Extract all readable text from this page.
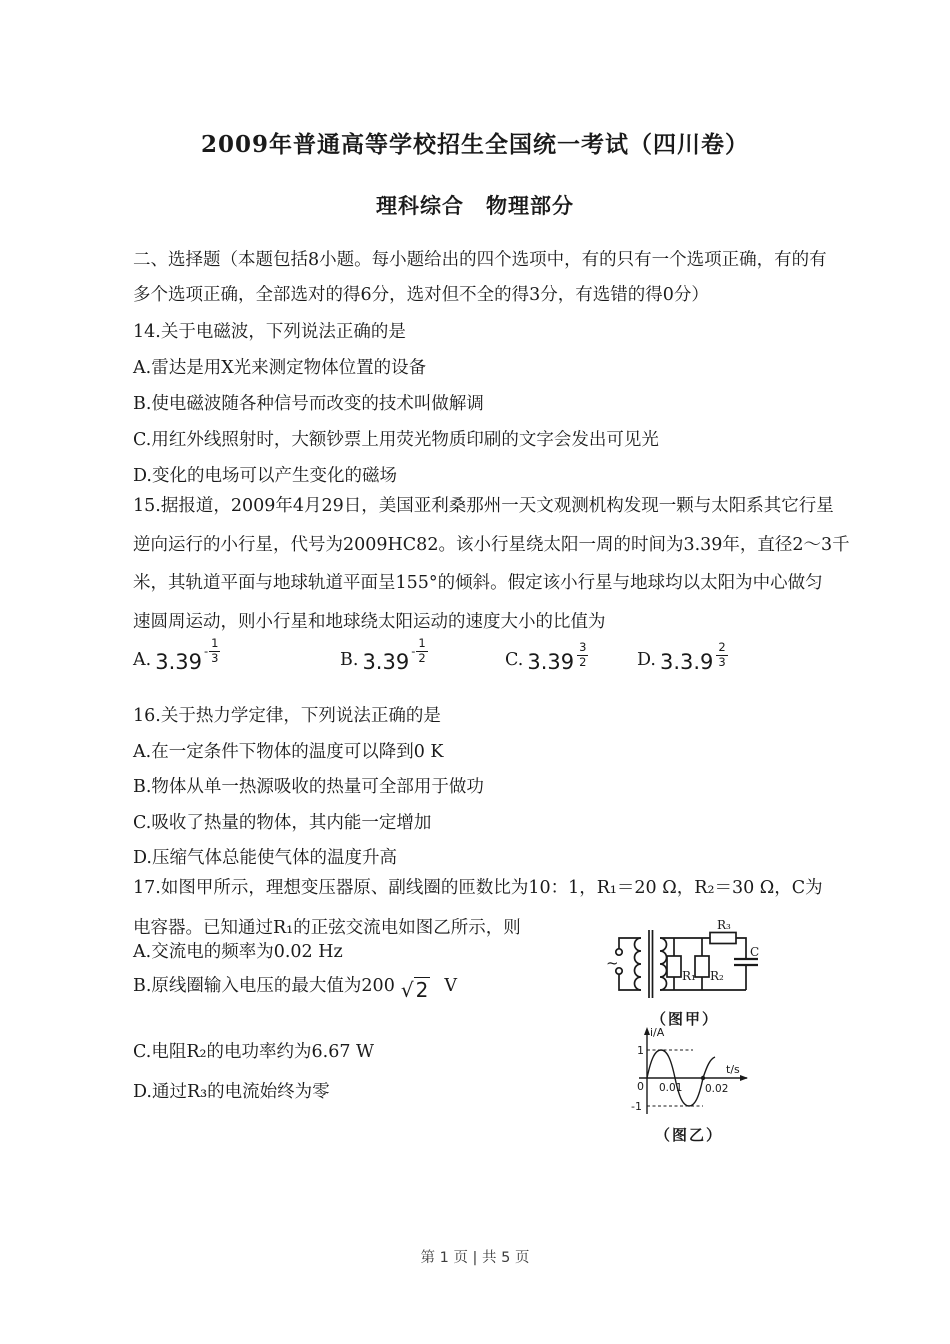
2009年普通高等学校招生全国统一考试（四川卷）
理科综合　物理部分
二、选择题（本题包括8小题。每小题给出的四个选项中，有的只有一个选项正确，有的有
多个选项正确，全部选对的得6分，选对但不全的得3分，有选错的得0分）
14.关于电磁波，下列说法正确的是
A.雷达是用X光来测定物体位置的设备
B.使电磁波随各种信号而改变的技术叫做解调
C.用红外线照射时，大额钞票上用荧光物质印刷的文字会发出可见光
D.变化的电场可以产生变化的磁场
15.据报道，2009年4月29日，美国亚利桑那州一天文观测机构发现一颗与太阳系其它行星
逆向运行的小行星，代号为2009HC82。该小行星绕太阳一周的时间为3.39年，直径2～3千
米，其轨道平面与地球轨道平面呈155°的倾斜。假定该小行星与地球均以太阳为中心做匀
速圆周运动，则小行星和地球绕太阳运动的速度大小的比值为
A. $3.39 - \frac{1}{3}$	B. $3.39 - \frac{1}{2}$	C. $3.39 \frac{3}{2}$	D. $3.3.9 \frac{2}{3}$
16.关于热力学定律，下列说法正确的是
A.在一定条件下物体的温度可以降到0 K
B.物体从单一热源吸收的热量可全部用于做功
C.吸收了热量的物体，其内能一定增加
D.压缩气体总能使气体的温度升高
17.如图甲所示，理想变压器原、副线圈的匝数比为10：1，R₁＝20 Ω，R₂＝30 Ω，C为
电容器。已知通过R₁的正弦交流电如图乙所示，则
A.交流电的频率为0.02 Hz
B.原线圈输入电压的最大值为200 √ 2 V
C.电阻R₂的电功率约为6.67 W
D.通过R₃的电流始终为零
~
R₁ R₂
R₃
C
（图甲）
i/A
t/s
1
-1
0 0.01 0.02
（图乙）
第 1 页 | 共 5 页
